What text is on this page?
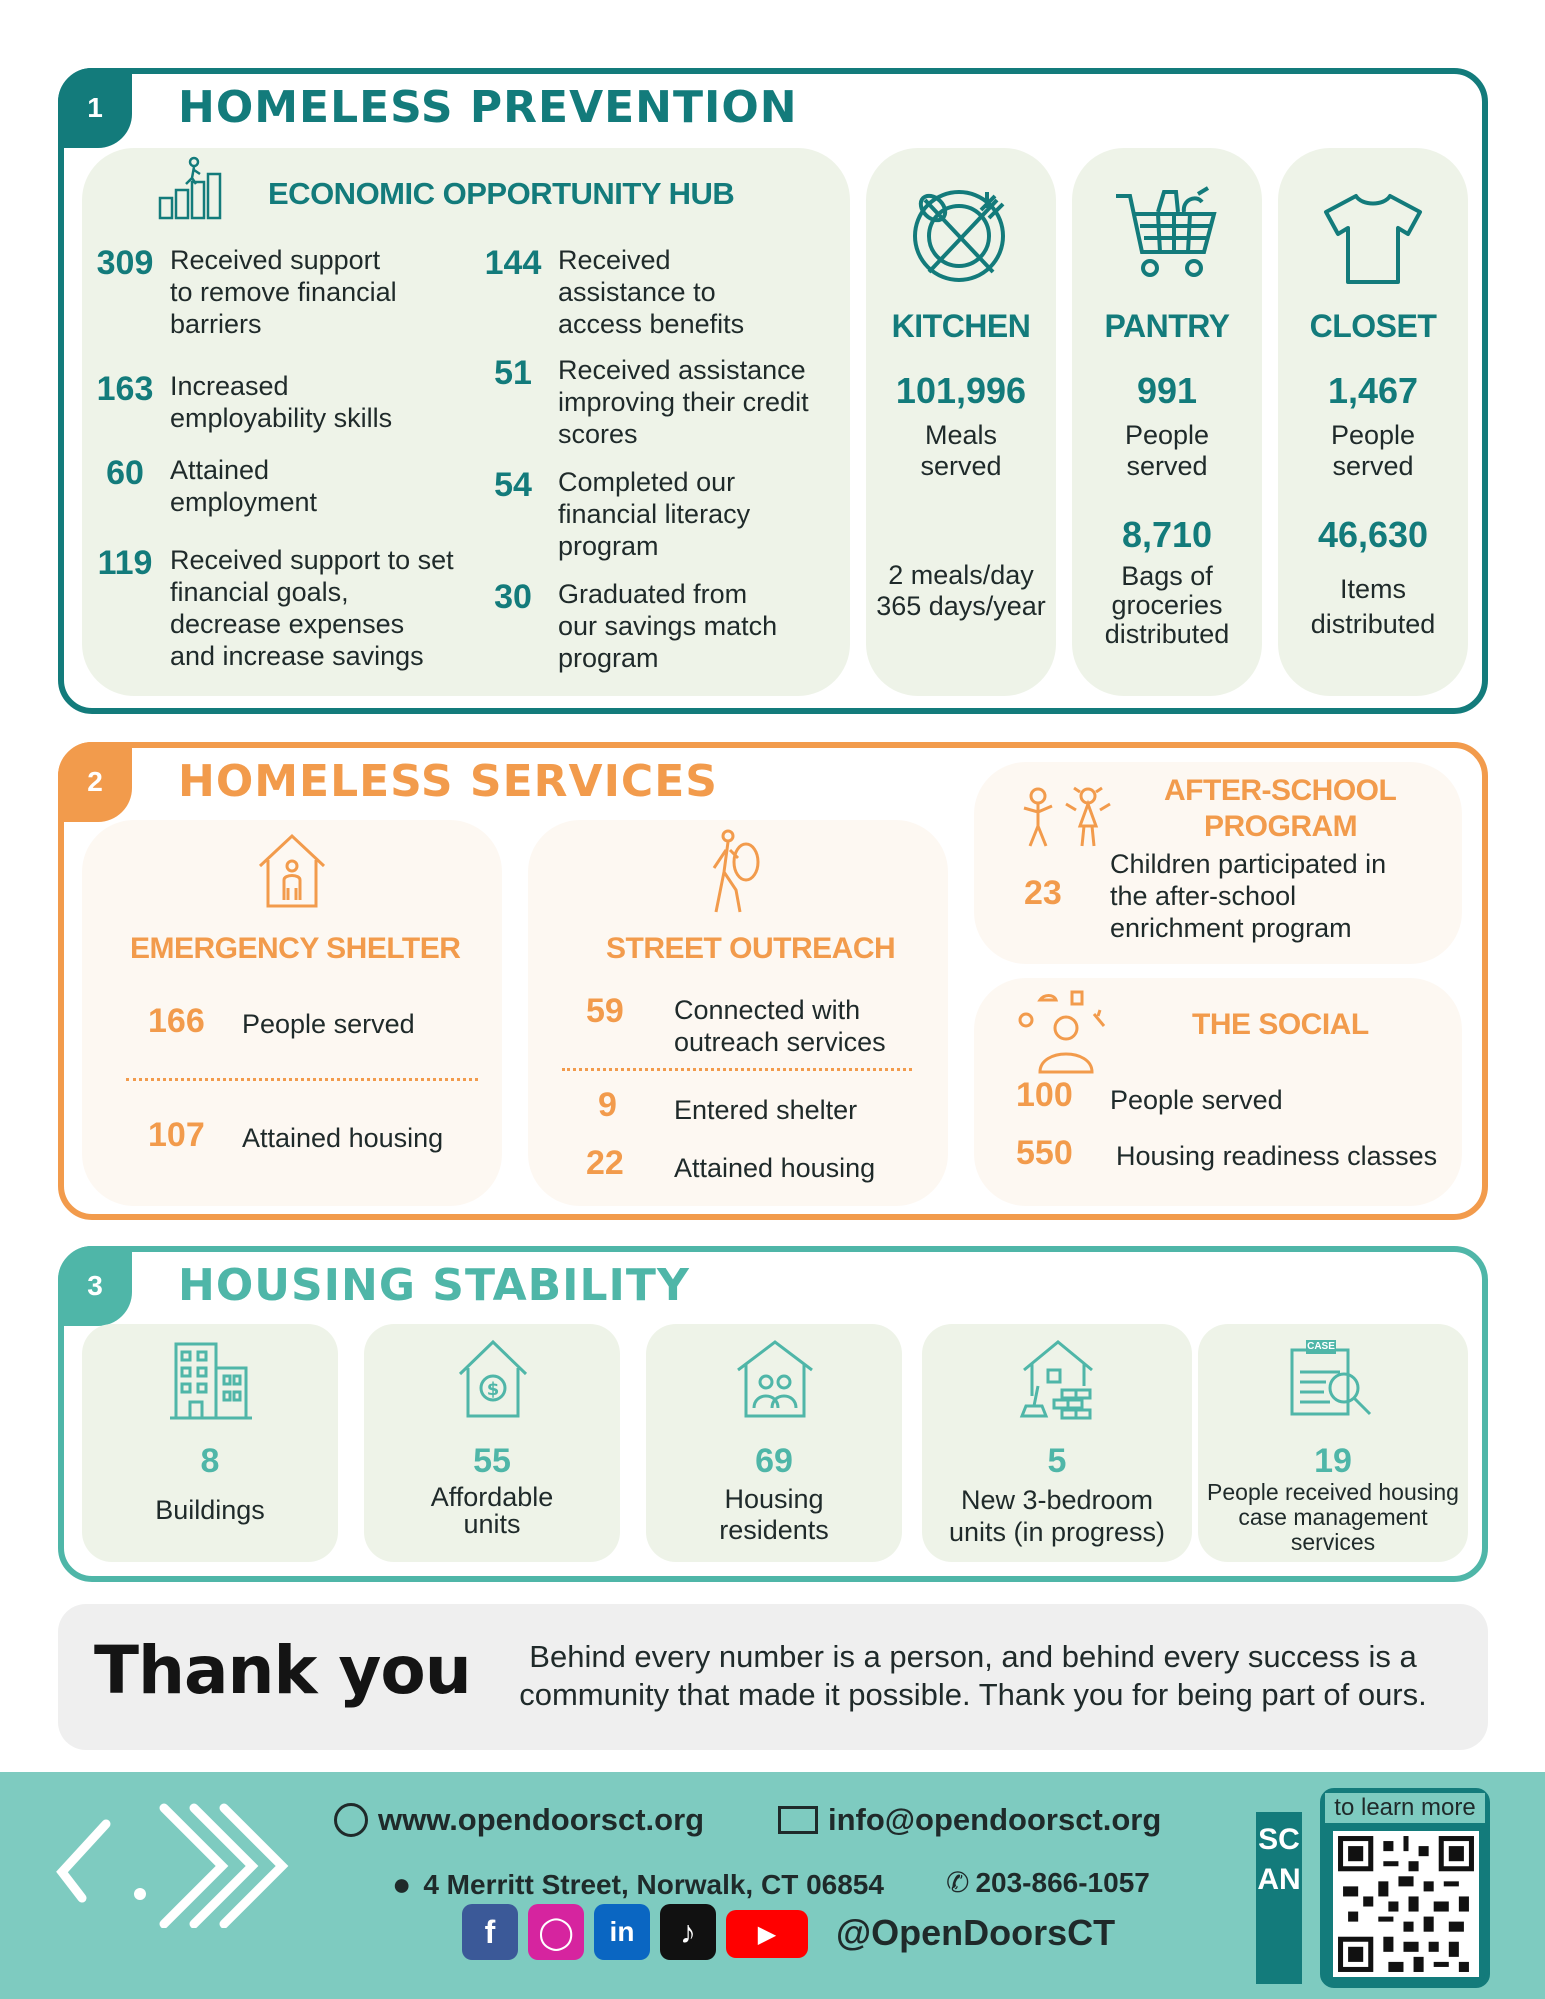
1	HOMELESS PREVENTION
ECONOMIC OPPORTUNITY HUB
309 Received support to remove financial barriers
163 Increased employability skills
60 Attained employment
119 Received support to set financial goals, decrease expenses and increase savings
144 Received assistance to access benefits
51 Received assistance improving their credit scores
54 Completed our financial literacy program
30 Graduated from our savings match program
KITCHEN
101,996
Meals served
2 meals/day 365 days/year
PANTRY
991
People served
8,710
Bags of groceries distributed
CLOSET
1,467
People served
46,630
Items distributed
2	HOMELESS SERVICES
EMERGENCY SHELTER
166 People served
107 Attained housing
STREET OUTREACH
59 Connected with outreach services
9 Entered shelter
22 Attained housing
AFTER-SCHOOL
PROGRAM
23
Children participated in the after-school enrichment program
THE SOCIAL
100 People served
550 Housing readiness classes
3	HOUSING STABILITY
8
Buildings
$
55
Affordable units
69
Housing residents
5
New 3-bedroom units (in progress)
CASE
19
People received housing case management services
Thank you	Behind every number is a person, and behind every success is a community that made it possible. Thank you for being part of ours.
www.opendoorsct.org	info@opendoorsct.org
● 4 Merritt Street, Norwalk, CT 06854 ✆ 203-866-1057
f	◯	in	♪	▶	@OpenDoorsCT
SCAN
to learn more
